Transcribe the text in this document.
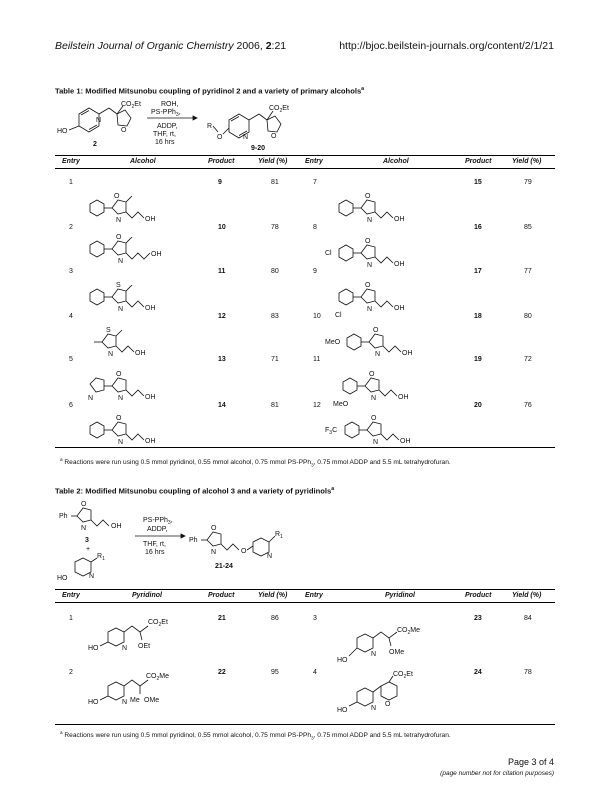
Beilstein Journal of Organic Chemistry 2006, 2:21	http://bjoc.beilstein-journals.org/content/2/1/21
Table 1: Modified Mitsunobu coupling of pyridinol 2 and a variety of primary alcohols$^a$
HO
N
O
$CO_2Et$
2
ROH,
PS-PPh$_3$,
ADDP,
THF, rt,
16 hrs
R
O	N	O
$CO_2Et$
9-20
Entry	Alcohol	Product	Yield (%)	Entry	Alcohol	Product	Yield (%)
1	9	81	7	15	79
2	10	78	8	16	85
3	11	80	9	17	77
4	12	83	10	18	80
5	13	71	11	19	72
6	14	81	12	20	76
O
N	OH
O
N
OH
S
N	OH
S
N	OH
N
O
N	OH
O
N	OH
O
N	OH
Cl
O
N	OH
Cl
O
N	OH
MeO
O
N	OH
MeO
O
N	OH
$F_3C$
O
N	OH
$^a$ Reactions were run using 0.5 mmol pyridinol, 0.55 mmol alcohol, 0.75 mmol PS-PPh$_3$, 0.75 mmol ADDP and 5.5 mL tetrahydrofuran.
Table 2: Modified Mitsunobu coupling of alcohol 3 and a variety of pyridinols$^a$
Ph
O
N	OH
3
+
$R_1$
N
HO
PS-PPh$_3$,
ADDP,
THF, rt,
16 hrs
Ph
O
N	O
$R_1$
N
21-24
Entry	Pyridinol	Product	Yield (%)	Entry	Pyridinol	Product	Yield (%)
1	21	86	3	23	84
2	22	95	4	24	78
HO	N
$CO_2Et$
OEt
HO	N
$CO_2Me$
Me OMe
HO
N
$CO_2Me$
OMe
HO	N
O
$CO_2Et$
$^a$ Reactions were run using 0.5 mmol pyridinol, 0.55 mmol alcohol, 0.75 mmol PS-PPh$_3$, 0.75 mmol ADDP and 5.5 mL tetrahydrofuran.
Page 3 of 4
(page number not for citation purposes)
